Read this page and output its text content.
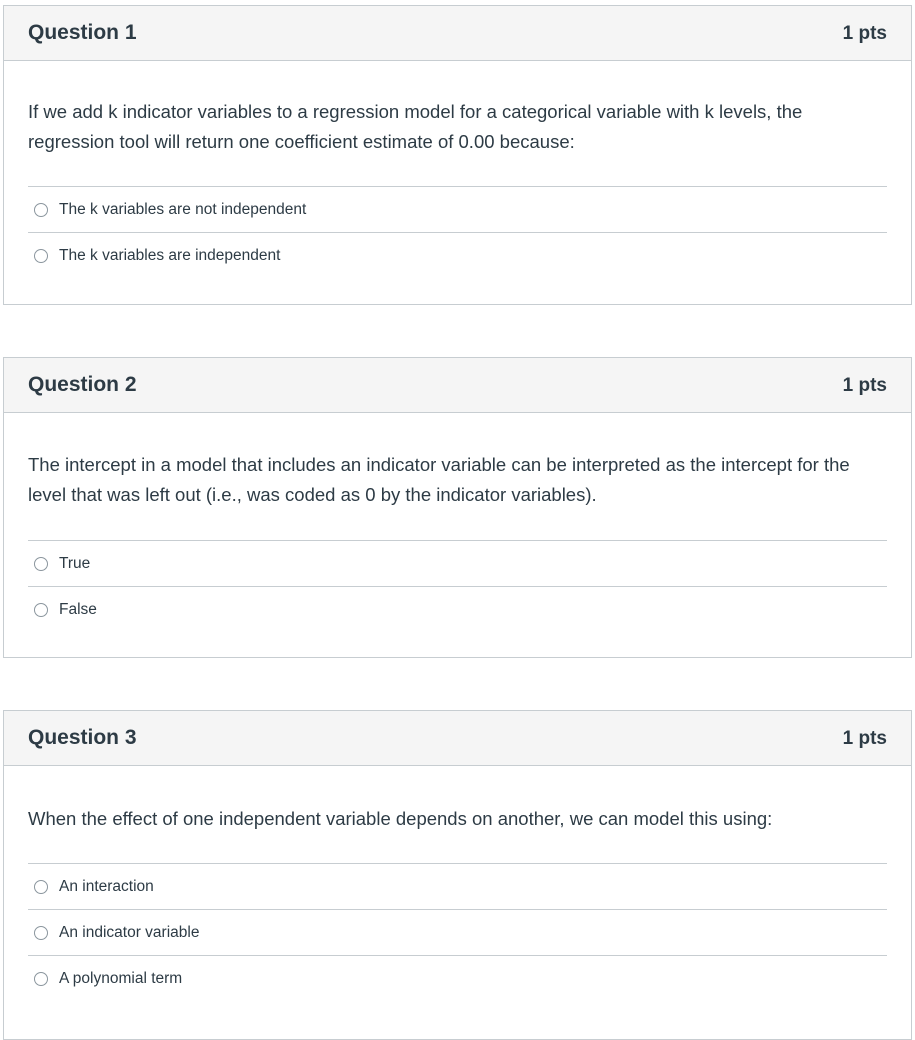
Question 1	1 pts
If we add k indicator variables to a regression model for a categorical variable with k levels, the regression tool will return one coefficient estimate of 0.00 because:
The k variables are not independent
The k variables are independent
Question 2	1 pts
The intercept in a model that includes an indicator variable can be interpreted as the intercept for the level that was left out (i.e., was coded as 0 by the indicator variables).
True
False
Question 3	1 pts
When the effect of one independent variable depends on another, we can model this using:
An interaction
An indicator variable
A polynomial term
